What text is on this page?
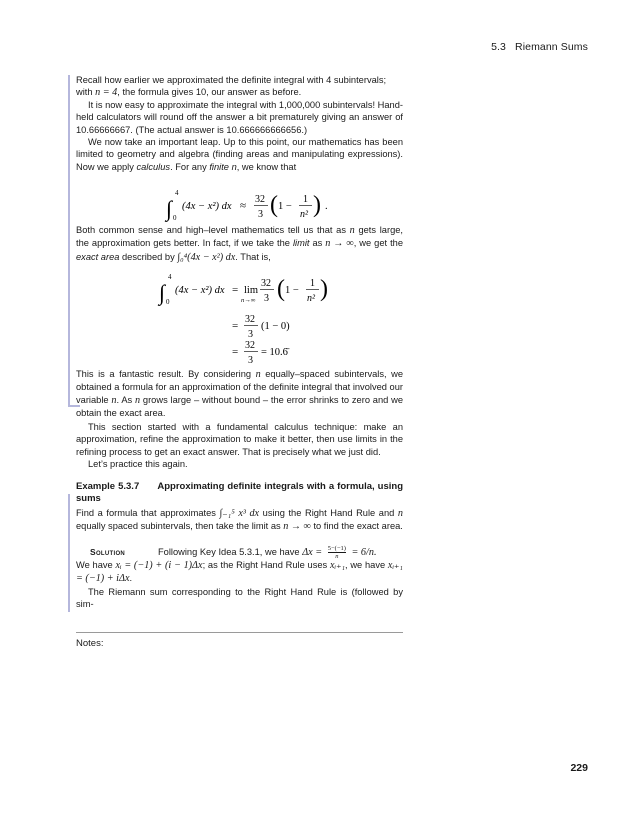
5.3 Riemann Sums

Recall how earlier we approximated the definite integral with 4 subintervals;
with n = 4, the formula gives 10, our answer as before.

It is now easy to approximate the integral with 1,000,000 subintervals! Hand-held calculators will round off the answer a bit prematurely giving an answer of 10.66666667. (The actual answer is 10.666666666656.)

We now take an important leap. Up to this point, our mathematics has been limited to geometry and algebra (finding areas and manipulating expressions). Now we apply calculus. For any finite n, we know that

∫
4
0
(4x − x²) dx ≈
32
3 ( 1 −
1
n² ) .

Both common sense and high–level mathematics tell us that as n gets large, the approximation gets better. In fact, if we take the limit as n → ∞, we get the exact area described by ∫₀⁴(4x − x²) dx. That is,

∫
4
0
(4x − x²) dx = lim
n→∞
32
3 ( 1 −
1
n² )
=
32
3
(1 − 0)
=
32
3
= 10.6̄

This is a fantastic result. By considering n equally–spaced subintervals, we obtained a formula for an approximation of the definite integral that involved our variable n. As n grows large – without bound – the error shrinks to zero and we obtain the exact area.

This section started with a fundamental calculus technique: make an approximation, refine the approximation to make it better, then use limits in the refining process to get an exact answer. That is precisely what we just did.

Let’s practice this again.

Example 5.3.7 Approximating definite integrals with a formula, using sums

Find a formula that approximates ∫₋₁⁵ x³ dx using the Right Hand Rule and n equally spaced subintervals, then take the limit as n → ∞ to find the exact area.

Solution	Following Key Idea 5.3.1, we have $\Delta x = \frac{5-(-1)}{n} = 6/n$.

We have xᵢ = (−1) + (i − 1)Δx; as the Right Hand Rule uses xᵢ₊₁, we have xᵢ₊₁ = (−1) + iΔx.

The Riemann sum corresponding to the Right Hand Rule is (followed by sim-

Notes:
229
